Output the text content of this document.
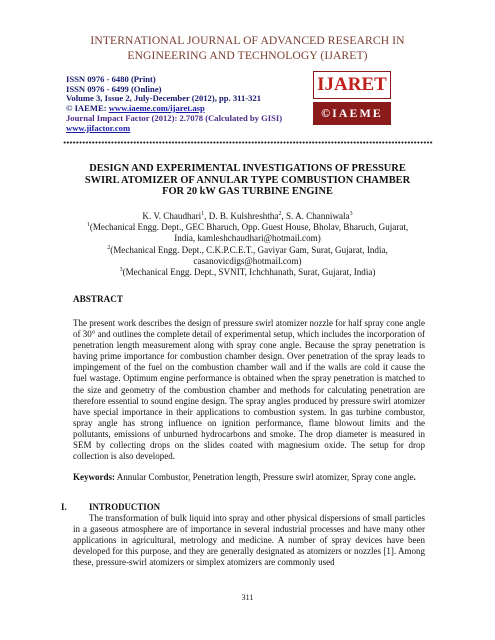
INTERNATIONAL JOURNAL OF ADVANCED RESEARCH IN
ENGINEERING AND TECHNOLOGY (IJARET)
ISSN 0976 - 6480 (Print)
ISSN 0976 - 6499 (Online)
Volume 3, Issue 2, July-December (2012), pp. 311-321
© IAEME: www.iaeme.com/ijaret.asp
Journal Impact Factor (2012): 2.7078 (Calculated by GISI)
www.jifactor.com
IJARET
©IAEME
DESIGN AND EXPERIMENTAL INVESTIGATIONS OF PRESSURE
SWIRL ATOMIZER OF ANNULAR TYPE COMBUSTION CHAMBER
FOR 20 kW GAS TURBINE ENGINE
K. V. Chaudhari$^1$, D. B. Kulshreshtha$^2$, S. A. Channiwala$^3$
$^1$(Mechanical Engg. Dept., GEC Bharuch, Opp. Guest House, Bholav, Bharuch, Gujarat,
India, kamleshchaudhari@hotmail.com)
$^2$(Mechanical Engg. Dept., C.K.P.C.E.T., Gaviyar Gam, Surat, Gujarat, India,
casanovicdigs@hotmail.com)
$^3$(Mechanical Engg. Dept., SVNIT, Ichchhanath, Surat, Gujarat, India)
ABSTRACT
The present work describes the design of pressure swirl atomizer nozzle for half spray cone angle of 30° and outlines the complete detail of experimental setup, which includes the incorporation of penetration length measurement along with spray cone angle. Because the spray penetration is having prime importance for combustion chamber design. Over penetration of the spray leads to impingement of the fuel on the combustion chamber wall and if the walls are cold it cause the fuel wastage. Optimum engine performance is obtained when the spray penetration is matched to the size and geometry of the combustion chamber and methods for calculating penetration are therefore essential to sound engine design. The spray angles produced by pressure swirl atomizer have special importance in their applications to combustion system. In gas turbine combustor, spray angle has strong influence on ignition performance, flame blowout limits and the pollutants, emissions of unburned hydrocarbons and smoke. The drop diameter is measured in SEM by collecting drops on the slides coated with magnesium oxide. The setup for drop collection is also developed.
Keywords: Annular Combustor, Penetration length, Pressure swirl atomizer, Spray cone angle.
I.	INTRODUCTION
The transformation of bulk liquid into spray and other physical dispersions of small particles in a gaseous atmosphere are of importance in several industrial processes and have many other applications in agricultural, metrology and medicine. A number of spray devices have been developed for this purpose, and they are generally designated as atomizers or nozzles [1]. Among these, pressure-swirl atomizers or simplex atomizers are commonly used
311
